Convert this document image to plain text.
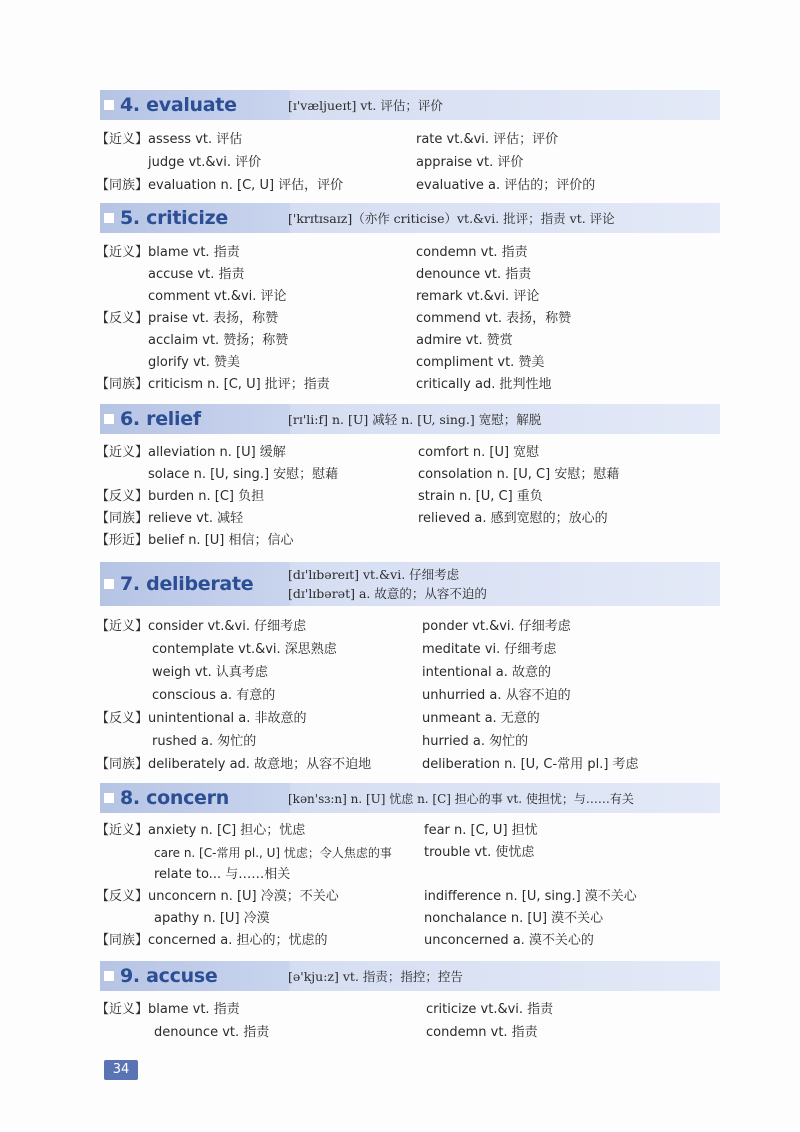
4. evaluate	[ɪ'væljueɪt] vt. 评估；评价
【近义】assess vt. 评估	rate vt.&vi. 评估；评价
judge vt.&vi. 评价	appraise vt. 评价
【同族】evaluation n. [C, U] 评估，评价	evaluative a. 评估的；评价的
5. criticize	['krɪtɪsaɪz]（亦作 criticise）vt.&vi. 批评；指责 vt. 评论
【近义】blame vt. 指责	condemn vt. 指责
accuse vt. 指责	denounce vt. 指责
comment vt.&vi. 评论	remark vt.&vi. 评论
【反义】praise vt. 表扬，称赞	commend vt. 表扬，称赞
acclaim vt. 赞扬；称赞	admire vt. 赞赏
glorify vt. 赞美	compliment vt. 赞美
【同族】criticism n. [C, U] 批评；指责	critically ad. 批判性地
6. relief	[rɪ'li:f] n. [U] 减轻 n. [U, sing.] 宽慰；解脱
【近义】alleviation n. [U] 缓解	comfort n. [U] 宽慰
solace n. [U, sing.] 安慰；慰藉	consolation n. [U, C] 安慰；慰藉
【反义】burden n. [C] 负担	strain n. [U, C] 重负
【同族】relieve vt. 减轻	relieved a. 感到宽慰的；放心的
【形近】belief n. [U] 相信；信心
7. deliberate	[dɪ'lɪbəreɪt] vt.&vi. 仔细考虑
[dɪ'lɪbərət] a. 故意的；从容不迫的
【近义】consider vt.&vi. 仔细考虑	ponder vt.&vi. 仔细考虑
contemplate vt.&vi. 深思熟虑	meditate vi. 仔细考虑
weigh vt. 认真考虑	intentional a. 故意的
conscious a. 有意的	unhurried a. 从容不迫的
【反义】unintentional a. 非故意的	unmeant a. 无意的
rushed a. 匆忙的	hurried a. 匆忙的
【同族】deliberately ad. 故意地；从容不迫地	deliberation n. [U, C-常用 pl.] 考虑
8. concern	[kən'sɜ:n] n. [U] 忧虑 n. [C] 担心的事 vt. 使担忧；与……有关
【近义】anxiety n. [C] 担心；忧虑	fear n. [C, U] 担忧
care n. [C-常用 pl., U] 忧虑；令人焦虑的事 trouble vt. 使忧虑
relate to... 与……相关
【反义】unconcern n. [U] 冷漠；不关心	indifference n. [U, sing.] 漠不关心
apathy n. [U] 冷漠	nonchalance n. [U] 漠不关心
【同族】concerned a. 担心的；忧虑的	unconcerned a. 漠不关心的
9. accuse	[ə'kju:z] vt. 指责；指控；控告
【近义】blame vt. 指责	criticize vt.&vi. 指责
denounce vt. 指责	condemn vt. 指责
34
